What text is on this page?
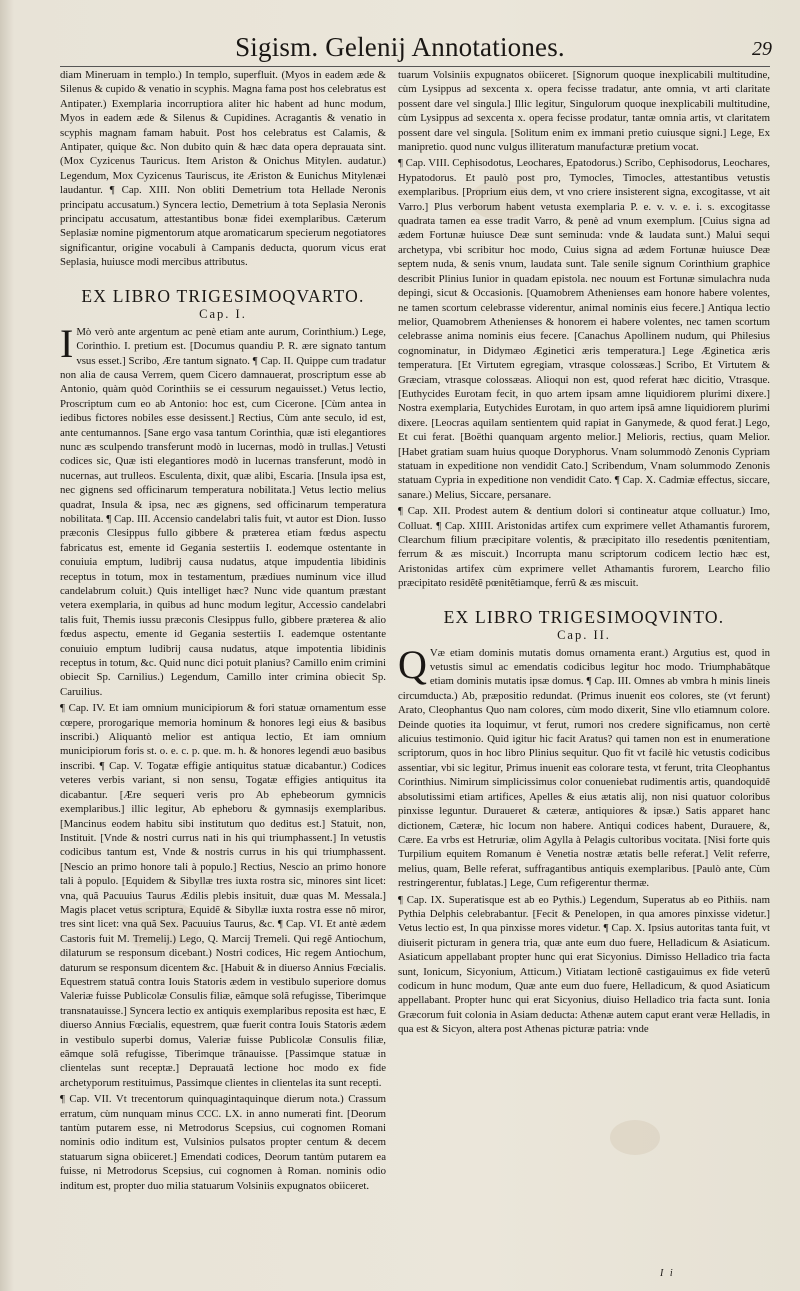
Sigism. Gelenij Annotationes.	29

diam Mineruam in templo.) In templo, superfluit. (Myos in eadem æde & Silenus & cupido & venatio in scyphis. Magna fama post hos celebratus est Antipater.) Exemplaria incorruptiora aliter hic habent ad hunc modum, Myos in eadem æde & Silenus & Cupidines. Acragantis & venatio in scyphis magnam famam habuit. Post hos celebratus est Calamis, & Antipater, quique &c. Non dubito quin & hæc data opera deprauata sint. (Mox Cyzicenus Tauricus. Item Ariston & Onichus Mitylen. audatur.) Legendum, Mox Cyzicenus Tauriscus, ite Æriston & Eunichus Mitylenæi laudantur. ¶ Cap. XIII. Non obliti Demetrium tota Hellade Neronis principatu accusatum.) Syncera lectio, Demetrium à tota Seplasia Neronis principatu accusatum, attestantibus bonæ fidei exemplaribus. Cæterum Seplasiæ nomine pigmentorum atque aromaticarum specierum negotiatores significantur, origine vocabuli à Campanis deducta, quorum vicus erat Seplasia, huiusce modi mercibus attributus.

EX LIBRO TRIGESIMOQVARTO.
Cap. I.

I Mò verò ante argentum ac penè etiam ante aurum, Corinthium.) Lege, Corinthio. I. pretium est. [Documus quandiu P. R. ære signato tantum vsus esset.] Scribo, Ære tantum signato. ¶ Cap. II. Quippe cum tradatur non alia de causa Verrem, quem Cicero damnauerat, proscriptum esse ab Antonio, quàm quòd Corinthiis se ei cessurum negauisset.) Vetus lectio, Proscriptum cum eo ab Antonio: hoc est, cum Cicerone. [Cùm antea in iedibus fictores nobiles esse desissent.] Rectius, Cùm ante seculo, id est, ante centumannos. [Sane ergo vasa tantum Corinthia, quæ isti elegantiores nunc æs sculpendo transferunt modò in lucernas, modò in trullas.] Vetusti codices sic, Quæ isti elegantiores modò in lucernas transferunt, modò in nucernas, aut trulleos. Esculenta, dixit, quæ alibi, Escaria. [Insula ipsa est, nec gignens sed officinarum temperatura nobilitata.] Vetus lectio melius quadrat, Insula & ipsa, nec æs gignens, sed officinarum temperatura nobilitata. ¶ Cap. III. Accensio candelabri talis fuit, vt autor est Dion. Iusso præconis Clesippus fullo gibbere & præterea etiam fœdus aspectu fabricatus est, emente id Gegania sestertiis I. eodemque ostentante in conuiuia emptum, ludibrij causa nudatus, atque impudentia libidinis receptus in totum, mox in testamentum, prædiues numinum vice illud candelabrum coluit.) Quis intelliget hæc? Nunc vide quantum præstant vetera exemplaria, in quibus ad hunc modum legitur, Accessio candelabri talis fuit, Themis iussu præconis Clesippus fullo, gibbere præterea & alio fœdus aspectu, emente id Gegania sestertiis I. eademque ostentante conuiuio emptum ludibrij causa nudatus, atque impotentia libidinis receptus in totum, &c. Quid nunc dici potuit planius? Camillo enim crimini obiecit Sp. Carnilius.) Legendum, Camillo inter crimina obiecit Sp. Caruilius.

¶ Cap. IV. Et iam omnium municipiorum & fori statuæ ornamentum esse cœpere, prorogarique memoria hominum & honores legi eius & basibus inscribi.) Aliquantò melior est antiqua lectio, Et iam omnium municipiorum foris st. o. e. c. p. que. m. h. & honores legendi æuo basibus inscribi. ¶ Cap. V. Togatæ effigie antiquitus statuæ dicabantur.) Codices veteres verbis variant, si non sensu, Togatæ effigies antiquitus ita dicabantur. [Ære sequeri veris pro Ab ephebeorum gymnicis exemplaribus.] illic legitur, Ab epheboru & gymnasijs exemplaribus. [Mancinus eodem habitu sibi institutum quo deditus est.] Statuit, non, Instituit. [Vnde & nostri currus nati in his qui triumphassent.] In vetustis codicibus tantum est, Vnde & nostris currus in his qui triumphassent. [Nescio an primo honore tali à populo.] Rectius, Nescio an primo honore tali à populo. [Equidem & Sibyllæ tres iuxta rostra sic, minores sint licet: vna, quã Pacuuius Taurus Ædilis plebis insituit, duæ quas M. Messala.] Magis placet vetus scriptura, Equidẽ & Sibyllæ iuxta rostra esse nõ miror, tres sint licet: vna quã Sex. Pacuuius Taurus, &c. ¶ Cap. VI. Et antè ædem Castoris fuit M. Tremelij.) Lego, Q. Marcij Tremeli. Qui regẽ Antiochum, dilaturum se responsum dicebant.) Nostri codices, Hic regem Antiochum, daturum se responsum dicentem &c. [Habuit & in diuerso Annius Fœcialis. Equestrem statuã contra Iouis Statoris ædem in vestibulo superiore domus Valeriæ fuisse Publicolæ Consulis filiæ, eãmque solã refugisse, Tiberimque transnatauisse.] Syncera lectio ex antiquis exemplaribus reposita est hæc, E diuerso Annius Fœcialis, equestrem, quæ fuerit contra Iouis Statoris ædem in vestibulo superbi domus, Valeriæ fuisse Publicolæ Consulis filiæ, eãmque solã refugisse, Tiberimque trãnauisse. [Passimque statuæ in clientelas sunt receptæ.] Deprauatã lectione hoc modo ex fide archetyporum restituimus, Passimque clientes in clientelas ita sunt recepti.

¶ Cap. VII. Vt trecentorum quinquagintaquinque dierum nota.) Crassum erratum, cùm nunquam minus CCC. LX. in anno numerati fint. [Deorum tantùm putarem esse, ni Metrodorus Scepsius, cui cognomen Romani nominis odio inditum est, Vulsinios pulsatos propter centum & decem statuarum signa obiiceret.] Emendati codices, Deorum tantùm putarem ea fuisse, ni Metrodorus Scepsius, cui cognomen à Roman. nominis odio inditum est, propter duo milia statuarum Volsiniis expugnatos obiiceret.

tuarum Volsiniis expugnatos obiiceret. [Signorum quoque inexplicabili multitudine, cùm Lysippus ad sexcenta x. opera fecisse tradatur, ante omnia, vt arti claritate possent dare vel singula.] Illic legitur, Singulorum quoque inexplicabili multitudine, cùm Lysippus ad sexcenta x. opera fecisse prodatur, tantæ omnia artis, vt claritatem possent dare vel singula. [Solitum enim ex immani pretio cuiusque signi.] Lege, Ex manipretio. quod nunc vulgus illiteratum manufacturæ pretium vocat.

¶ Cap. VIII. Cephisodotus, Leochares, Epatodorus.) Scribo, Cephisodorus, Leochares, Hypatodorus. Et paulò post pro, Tymocles, Timocles, attestantibus vetustis exemplaribus. [Proprium eius dem, vt vno criere insisterent signa, excogitasse, vt ait Varro.] Plus verborum habent vetusta exemplaria P. e. v. v. e. i. s. excogitasse quadrata tamen ea esse tradit Varro, & penè ad vnum exemplum. [Cuius signa ad ædem Fortunæ huiusce Deæ sunt seminuda: vnde & laudata sunt.) Malui sequi archetypa, vbi scribitur hoc modo, Cuius signa ad ædem Fortunæ huiusce Deæ septem nuda, & senis vnum, laudata sunt. Tale senile signum Corinthium graphice describit Plinius Iunior in quadam epistola. nec nouum est Fortunæ simulachra nuda depingi, sicut & Occasionis. [Quamobrem Athenienses eam honore habere volentes, ne tamen scortum celebrasse viderentur, animal nominis eius fecere.] Antiqua lectio melior, Quamobrem Athenienses & honorem ei habere volentes, nec tamen scortum celebrasse anima nominis eius fecere. [Canachus Apollinem nudum, qui Philesius cognominatur, in Didymæo Æginetici æris temperatura.] Lege Æginetica æris temperatura. [Et Virtutem egregiam, vtrasque colossæas.] Scribo, Et Virtutem & Græciam, vtrasque colossæas. Alioqui non est, quod referat hæc dicitio, Vtrasque. [Euthycides Eurotam fecit, in quo artem ipsam amne liquidiorem plurimi dixere.] Nostra exemplaria, Eutychides Eurotam, in quo artem ipsã amne liquidiorem plurimi dixere. [Leocras aquilam sentientem quid rapiat in Ganymede, & quod ferat.] Lego, Et cui ferat. [Boëthi quanquam argento melior.] Melioris, rectius, quam Melior. [Habet gratiam suam huius quoque Doryphorus. Vnam solummodò Zenonis Cypriam statuam in expeditione non vendidit Cato.] Scribendum, Vnam solummodo Zenonis statuam Cypria in expeditione non vendidit Cato. ¶ Cap. X. Cadmiæ effectus, siccare, sanare.) Melius, Siccare, persanare.

¶ Cap. XII. Prodest autem & dentium dolori si contineatur atque colluatur.) Imo, Colluat. ¶ Cap. XIIII. Aristonidas artifex cum exprimere vellet Athamantis furorem, Clearchum filium præcipitare volentis, & præcipitato illo resedentis pœnitentiam, ferrum & æs miscuit.) Incorrupta manu scriptorum codicem lectio hæc est, Aristonidas artifex cùm exprimere vellet Athamantis furorem, Learcho filio præcipitato residẽtẽ pœnitẽtiamque, ferrũ & æs miscuit.

EX LIBRO TRIGESIMOQVINTO.
Cap. II.

Q Væ etiam dominis mutatis domus ornamenta erant.) Argutius est, quod in vetustis simul ac emendatis codicibus legitur hoc modo. Triumphabãtque etiam dominis mutatis ipsæ domus. ¶ Cap. III. Omnes ab vmbra h minis lineis circumducta.) Ab, præpositio redundat. (Primus inuenit eos colores, ste (vt ferunt) Arato, Cleophantus Quo nam colores, cùm modo dixerit, Sine vllo etiamnum colore. Deinde quoties ita loquimur, vt ferut, rumori nos credere significamus, non certè alicuius testimonio. Quid igitur hic facit Aratus? qui tamen non est in enumeratione scriptorum, quos in hoc libro Plinius sequitur. Quo fit vt facilè hic vetustis codicibus assentiar, vbi sic legitur, Primus inuenit eas colorare testa, vt ferunt, trita Cleophantus Corinthius. Nimirum simplicissimus color conueniebat rudimentis artis, quandoquidẽ absolutissimi etiam artifices, Apelles & eius ætatis alij, non nisi quatuor coloribus pinxisse leguntur. Duraueret & cæteræ, antiquiores & ipsæ.) Satis apparet hanc dictionem, Cæteræ, hic locum non habere. Antiqui codices habent, Durauere, &, Cære. Ea vrbs est Hetruriæ, olim Agylla à Pelagis cultoribus vocitata. [Nisi forte quis Turpilium equitem Romanum è Venetia nostræ ætatis belle referat.] Velit referre, melius, quam, Belle referat, suffragantibus antiquis exemplaribus. [Paulò ante, Cùm restringerentur, fublatas.] Lege, Cum refigerentur thermæ.

¶ Cap. IX. Superatisque est ab eo Pythis.) Legendum, Superatus ab eo Pithiis. nam Pythia Delphis celebrabantur. [Fecit & Penelopen, in qua amores pinxisse videtur.] Vetus lectio est, In qua pinxisse mores videtur. ¶ Cap. X. Ipsius autoritas tanta fuit, vt diuiserit picturam in genera tria, quæ ante eum duo fuere, Helladicum & Asiaticum. Asiaticum appellabant propter hunc qui erat Sicyonius. Dimisso Helladico tria facta sunt, Ionicum, Sicyonium, Atticum.) Vitiatam lectionẽ castigauimus ex fide veterũ codicum in hunc modum, Quæ ante eum duo fuere, Helladicum, & quod Asiaticum appellabant. Propter hunc qui erat Sicyonius, diuiso Helladico tria facta sunt. Ionia Græcorum fuit colonia in Asiam deducta: Athenæ autem caput erant veræ Helladis, in qua est & Sicyon, altera post Athenas picturæ patria: vnde

I i
